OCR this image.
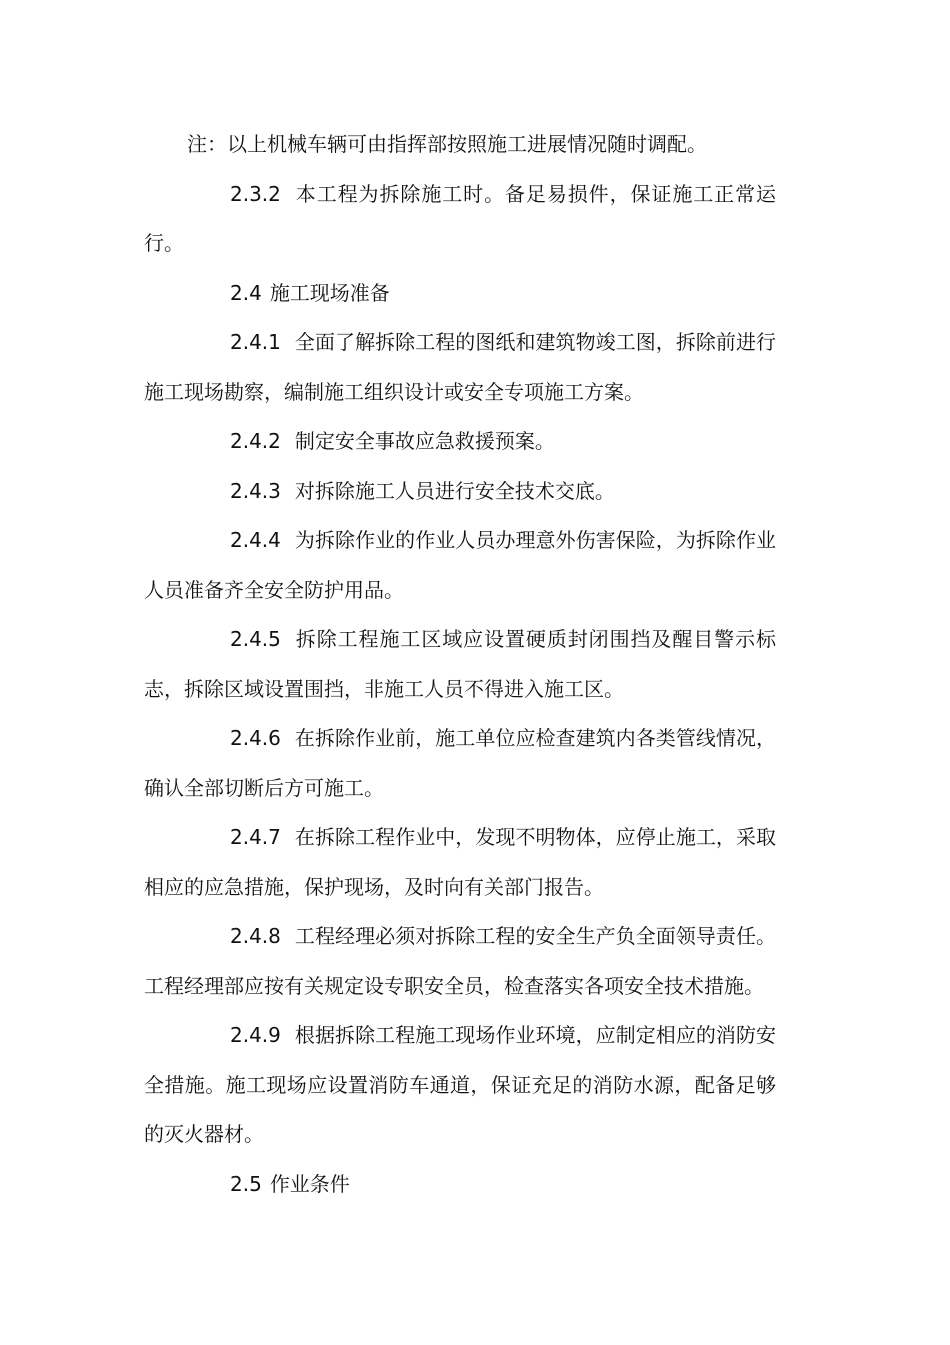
注：以上机械车辆可由指挥部按照施工进展情况随时调配。

2.3.2 本工程为拆除施工时。备足易损件，保证施工正常运行。

2.4 施工现场准备

2.4.1 全面了解拆除工程的图纸和建筑物竣工图，拆除前进行施工现场勘察，编制施工组织设计或安全专项施工方案。

2.4.2 制定安全事故应急救援预案。

2.4.3 对拆除施工人员进行安全技术交底。

2.4.4 为拆除作业的作业人员办理意外伤害保险，为拆除作业人员准备齐全安全防护用品。

2.4.5 拆除工程施工区域应设置硬质封闭围挡及醒目警示标志，拆除区域设置围挡，非施工人员不得进入施工区。

2.4.6 在拆除作业前，施工单位应检查建筑内各类管线情况，确认全部切断后方可施工。

2.4.7 在拆除工程作业中，发现不明物体，应停止施工，采取相应的应急措施，保护现场，及时向有关部门报告。

2.4.8 工程经理必须对拆除工程的安全生产负全面领导责任。工程经理部应按有关规定设专职安全员，检查落实各项安全技术措施。

2.4.9 根据拆除工程施工现场作业环境，应制定相应的消防安全措施。施工现场应设置消防车通道，保证充足的消防水源，配备足够的灭火器材。

2.5 作业条件
